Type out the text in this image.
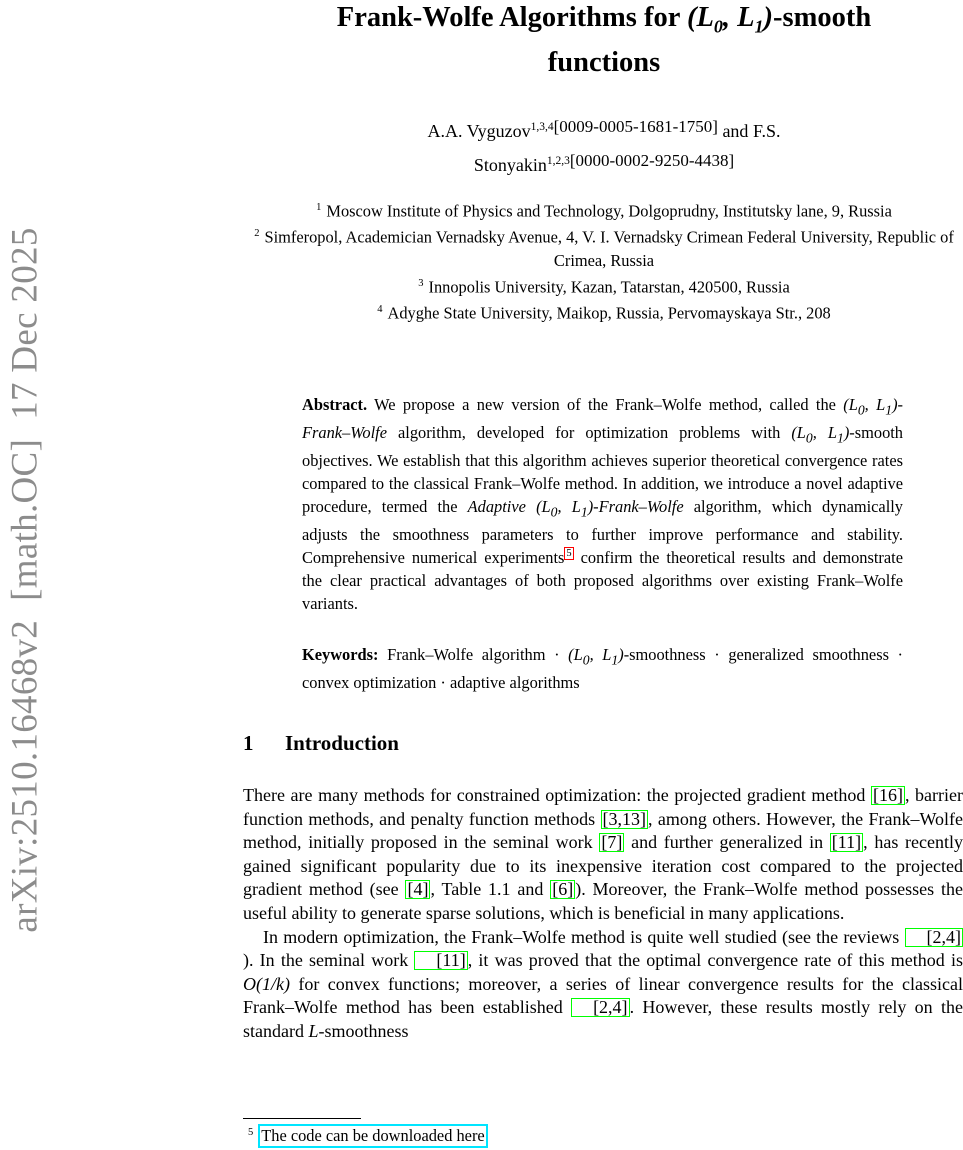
arXiv:2510.16468v2  [math.OC]  17 Dec 2025
Frank-Wolfe Algorithms for ($L_0$, $L_1$)-smooth
functions
A.A. Vyguzov$^{1,3,4}$[0009-0005-1681-1750] and F.S.
Stonyakin$^{1,2,3}$[0000-0002-9250-4438]
$^1$ Moscow Institute of Physics and Technology, Dolgoprudny, Institutsky lane, 9, Russia
$^2$ Simferopol, Academician Vernadsky Avenue, 4, V. I. Vernadsky Crimean Federal University, Republic of Crimea, Russia
$^3$ Innopolis University, Kazan, Tatarstan, 420500, Russia
$^4$ Adyghe State University, Maikop, Russia, Pervomayskaya Str., 208
Abstract. We propose a new version of the Frank–Wolfe method, called the ($L_0$, $L_1)-Frank$–Wolfe algorithm, developed for optimization problems with ($L_0$, $L_1$)-smooth objectives. We establish that this algorithm achieves superior theoretical convergence rates compared to the classical Frank–Wolfe method. In addition, we introduce a novel adaptive procedure, termed the Adaptive ($L_0$, $L_1)-Frank$–Wolfe algorithm, which dynamically adjusts the smoothness parameters to further improve performance and stability. Comprehensive numerical experiments 5 confirm the theoretical results and demonstrate the clear practical advantages of both proposed algorithms over existing Frank–Wolfe variants.
Keywords: Frank–Wolfe algorithm · ($L_0$, $L_1$)-smoothness · generalized smoothness · convex optimization · adaptive algorithms
1 Introduction

There are many methods for constrained optimization: the projected gradient method [16] , barrier function methods, and penalty function methods [3,13] , among others. However, the Frank–Wolfe method, initially proposed in the seminal work [7] and further generalized in [11] , has recently gained significant popularity due to its inexpensive iteration cost compared to the projected gradient method (see [4] , Table 1.1 and [6] ). Moreover, the Frank–Wolfe method possesses the useful ability to generate sparse solutions, which is beneficial in many applications.

In modern optimization, the Frank–Wolfe method is quite well studied (see the reviews [2,4]). In the seminal work [11] , it was proved that the optimal convergence rate of this method is O(1/k) for convex functions; moreover, a series of linear convergence results for the classical Frank–Wolfe method has been established [2,4] . However, these results mostly rely on the standard L-smoothness

$^5$ The code can be downloaded here
